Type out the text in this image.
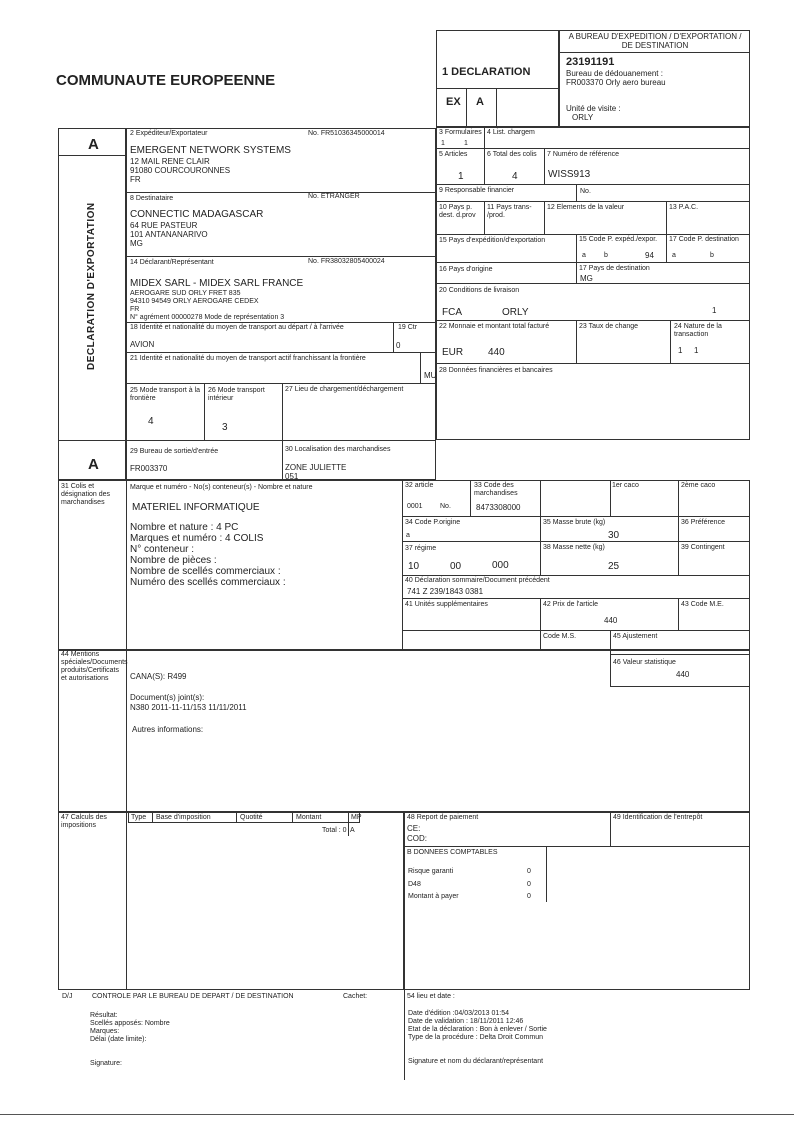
COMMUNAUTE EUROPEENNE	1 DECLARATION
EX A
A BUREAU D'EXPEDITION / D'EXPORTATION / DE DESTINATION
23191191
Bureau de dédouanement :
FR003370 Orly aero bureau
Unité de visite :
ORLY
A
DECLARATION D'EXPORTATION
A
2 Expéditeur/Exportateur	No. FR51036345000014
EMERGENT NETWORK SYSTEMS
12 MAIL RENE CLAIR
91080 COURCOURONNES
FR
8 Destinataire	No. ETRANGER
CONNECTIC MADAGASCAR
64 RUE PASTEUR
101 ANTANANARIVO
MG
14 Déclarant/Représentant	No. FR38032805400024
MIDEX SARL - MIDEX SARL FRANCE
AEROGARE SUD ORLY FRET 835
94310 94549 ORLY AEROGARE CEDEX
FR
N° agrément 00000278 Mode de représentation 3
18 Identité et nationalité du moyen de transport au départ / à l'arrivée
AVION
19 Ctr
0
21 Identité et nationalité du moyen de transport actif franchissant la frontière
MU
25 Mode transport à la frontière
4
26 Mode transport intérieur
3
27 Lieu de chargement/déchargement
29 Bureau de sortie/d'entrée
FR003370
30 Localisation des marchandises
ZONE JULIETTE
051
3 Formulaires
1	1
4 List. chargem
5 Articles
1
6 Total des colis
4
7 Numéro de référence
WISS913
9 Responsable financier	No.
10 Pays p. dest. d.prov
11 Pays trans- /prod.
12 Elements de la valeur	13 P.A.C.
15 Pays d'expédition/d'exportation	15 Code P. expéd./expor.
a	b	94
17 Code P. destination
a	b
16 Pays d'origine	17 Pays de destination
MG
20 Conditions de livraison
FCA	ORLY	1
22 Monnaie et montant total facturé
EUR 440
23 Taux de change	24 Nature de la transaction
1 1
28 Données financières et bancaires
31 Colis et désignation des marchandises
Marque et numéro - No(s) conteneur(s) - Nombre et nature
MATERIEL INFORMATIQUE
Nombre et nature : 4 PC
Marques et numéro : 4 COLIS
N° conteneur :
Nombre de pièces :
Nombre de scellés commerciaux :
Numéro des scellés commerciaux :
32 article
0001 No.
33 Code des marchandises
8473308000
1er caco	2ème caco
34 Code P.origine
a
35 Masse brute (kg)
30
36 Préférence
37 régime
10	00	000
38 Masse nette (kg)
25
39 Contingent
40 Déclaration sommaire/Document précédent
741 Z 239/1843 0381
41 Unités supplémentaires	42 Prix de l'article
440
43 Code M.E.
Code M.S.	45 Ajustement
44 Mentions spéciales/Documents produits/Certificats et autorisations	CANA(S): R499
Document(s) joint(s):
N380 2011-11-11/153 11/11/2011
Autres informations:
46 Valeur statistique
440
47 Calculs des impositions
Type Base d'imposition	Quotité	Montant	MP
Total : 0 A
48 Report de paiement
CE:
COD:
49 Identification de l'entrepôt
B DONNEES COMPTABLES
Risque garanti	0
D48	0
Montant à payer	0
D/J	CONTROLE PAR LE BUREAU DE DEPART / DE DESTINATION	Cachet:
Résultat:
Scellés apposés: Nombre
Marques:
Délai (date limite):
Signature:
54 lieu et date :
Date d'édition :04/03/2013 01:54
Date de validation : 18/11/2011 12:46
Etat de la déclaration : Bon à enlever / Sortie
Type de la procédure : Delta Droit Commun
Signature et nom du déclarant/représentant
